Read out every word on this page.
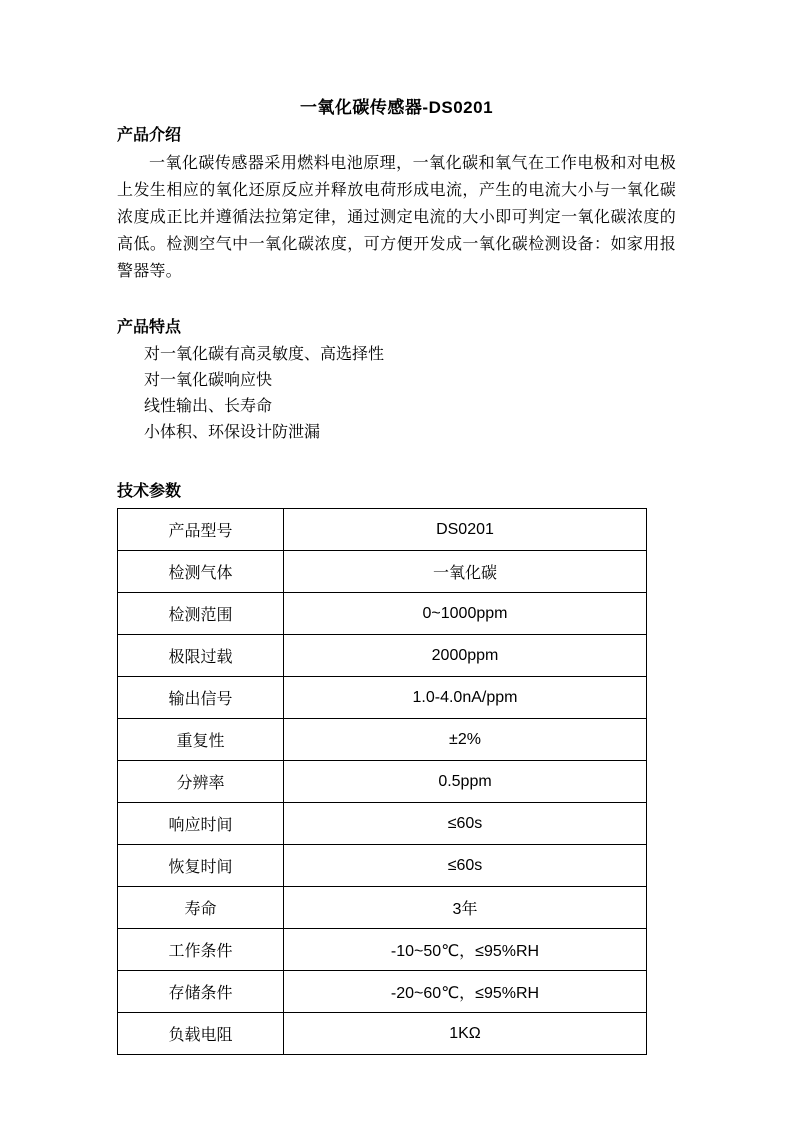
一氧化碳传感器-DS0201
产品介绍

一氧化碳传感器采用燃料电池原理，一氧化碳和氧气在工作电极和对电极上发生相应的氧化还原反应并释放电荷形成电流，产生的电流大小与一氧化碳浓度成正比并遵循法拉第定律，通过测定电流的大小即可判定一氧化碳浓度的高低。检测空气中一氧化碳浓度，可方便开发成一氧化碳检测设备：如家用报警器等。

产品特点
对一氧化碳有高灵敏度、高选择性
对一氧化碳响应快
线性输出、长寿命
小体积、环保设计防泄漏
技术参数
产品型号	DS0201
检测气体	一氧化碳
检测范围	0~1000ppm
极限过载	2000ppm
输出信号	1.0-4.0nA/ppm
重复性	±2%
分辨率	0.5ppm
响应时间	≤60s
恢复时间	≤60s
寿命	3年
工作条件	-10~50℃，≤95%RH
存储条件	-20~60℃，≤95%RH
负载电阻	1KΩ
